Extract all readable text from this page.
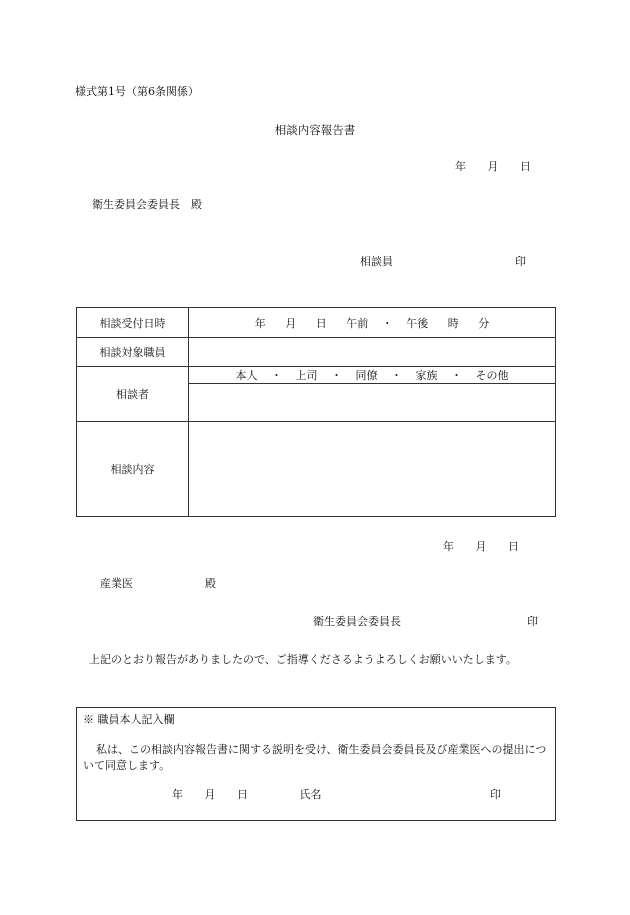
様式第1号（第6条関係）
相談内容報告書
年 月 日
衛生委員会委員長　殿
相談員	印
相談受付日時	年 月 日 午前 ・ 午後 時 分
相談対象職員	
相談者	本人 ・ 上司 ・ 同僚 ・ 家族 ・ その他

相談内容	
年 月 日
産業医	殿
衛生委員会委員長	印
上記のとおり報告がありましたので、ご指導くださるようよろしくお願いいたします。
※ 職員本人記入欄
私は、この相談内容報告書に関する説明を受け、衛生委員会委員長及び産業医への提出について同意します。
年 月 日	氏名	印
